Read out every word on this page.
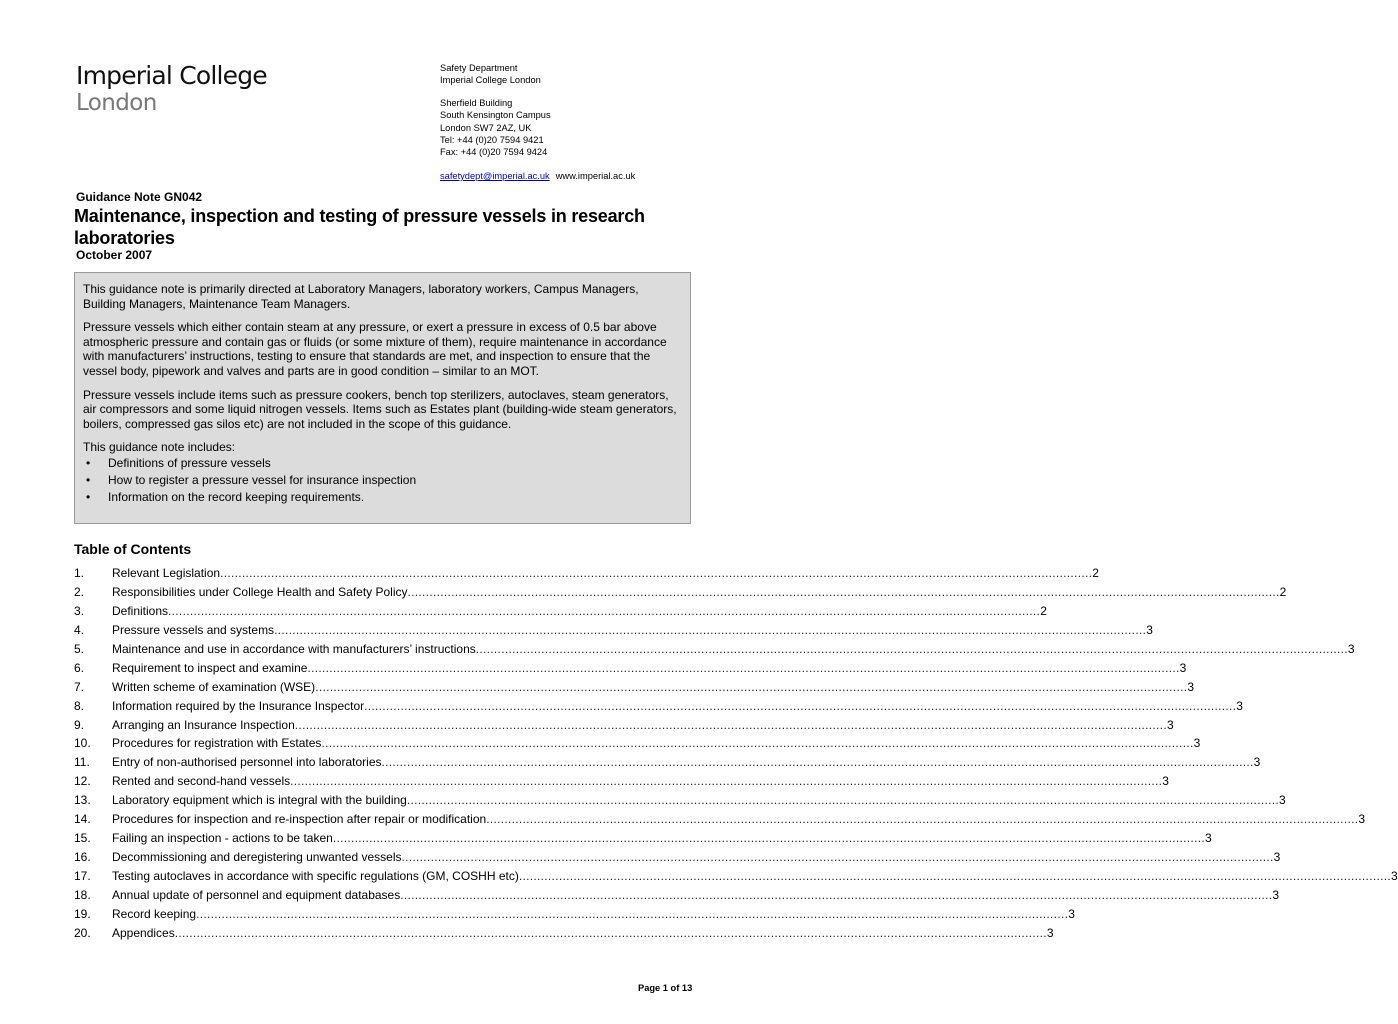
Imperial College
London
Safety Department
Imperial College London
Sherfield Building
South Kensington Campus
London SW7 2AZ, UK
Tel: +44 (0)20 7594 9421
Fax: +44 (0)20 7594 9424
safetydept@imperial.ac.uk www.imperial.ac.uk
Guidance Note GN042
Maintenance, inspection and testing of pressure vessels in research laboratories
October 2007

This guidance note is primarily directed at Laboratory Managers, laboratory workers, Campus Managers, Building Managers, Maintenance Team Managers.

Pressure vessels which either contain steam at any pressure, or exert a pressure in excess of 0.5 bar above atmospheric pressure and contain gas or fluids (or some mixture of them), require maintenance in accordance with manufacturers’ instructions, testing to ensure that standards are met, and inspection to ensure that the vessel body, pipework and valves and parts are in good condition – similar to an MOT.

Pressure vessels include items such as pressure cookers, bench top sterilizers, autoclaves, steam generators, air compressors and some liquid nitrogen vessels. Items such as Estates plant (building-wide steam generators, boilers, compressed gas silos etc) are not included in the scope of this guidance.

This guidance note includes:
• Definitions of pressure vessels
• How to register a pressure vessel for insurance inspection
• Information on the record keeping requirements.
Table of Contents
1.	Relevant Legislation ................................................................................................................................................................................................................................................ 2
2.	Responsibilities under College Health and Safety Policy ................................................................................................................................................................................................................................................ 2
3.	Definitions ................................................................................................................................................................................................................................................ 2
4.	Pressure vessels and systems ................................................................................................................................................................................................................................................ 3
5.	Maintenance and use in accordance with manufacturers’ instructions ................................................................................................................................................................................................................................................ 3
6.	Requirement to inspect and examine ................................................................................................................................................................................................................................................ 3
7.	Written scheme of examination (WSE) ................................................................................................................................................................................................................................................ 3
8.	Information required by the Insurance Inspector ................................................................................................................................................................................................................................................ 3
9.	Arranging an Insurance Inspection ................................................................................................................................................................................................................................................ 3
10.	Procedures for registration with Estates ................................................................................................................................................................................................................................................ 3
11.	Entry of non-authorised personnel into laboratories ................................................................................................................................................................................................................................................ 3
12.	Rented and second-hand vessels ................................................................................................................................................................................................................................................ 3
13.	Laboratory equipment which is integral with the building ................................................................................................................................................................................................................................................ 3
14.	Procedures for inspection and re-inspection after repair or modification ................................................................................................................................................................................................................................................ 3
15.	Failing an inspection - actions to be taken ................................................................................................................................................................................................................................................ 3
16.	Decommissioning and deregistering unwanted vessels ................................................................................................................................................................................................................................................ 3
17.	Testing autoclaves in accordance with specific regulations (GM, COSHH etc) ................................................................................................................................................................................................................................................ 3
18.	Annual update of personnel and equipment databases ................................................................................................................................................................................................................................................ 3
19.	Record keeping ................................................................................................................................................................................................................................................ 3
20.	Appendices ................................................................................................................................................................................................................................................ 3
Page 1 of 13
